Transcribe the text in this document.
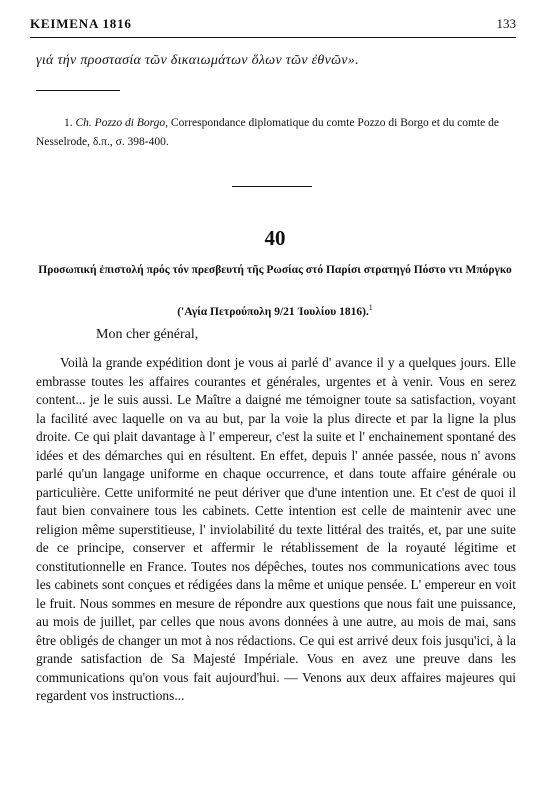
ΚΕΙΜΕΝΑ 1816	133
γιά τήν προστασία τῶν δικαιωμάτων ὅλων τῶν ἐθνῶν».
1. Ch. Pozzo di Borgo, Correspondance diplomatique du comte Pozzo di Borgo et du comte de
Nesselrode, δ.π., σ. 398-400.
40
Προσωπική ἐπιστολή πρός τόν πρεσβευτή τῆς Ρωσίας στό Παρίσι στρατηγό Πόστο ντι Μπόργκο
('Αγία Πετρούπολη 9/21 Ἰουλίου 1816).$^1$
Mon cher général,

Voilà la grande expédition dont je vous ai parlé d' avance il y a quelques jours. Elle embrasse toutes les affaires courantes et générales, urgentes et à venir. Vous en serez content... je le suis aussi. Le Maître a daigné me témoigner toute sa satisfaction, voyant la facilité avec laquelle on va au but, par la voie la plus directe et par la ligne la plus droite. Ce qui plait davantage à l' empereur, c'est la suite et l' enchainement spontané des idées et des démarches qui en résultent. En effet, depuis l' année passée, nous n' avons parlé qu'un langage uniforme en chaque occurrence, et dans toute affaire générale ou particulière. Cette uniformité ne peut dériver que d'une intention une. Et c'est de quoi il faut bien convainere tous les cabinets. Cette intention est celle de maintenir avec une religion même superstitieuse, l' inviolabilité du texte littéral des traités, et, par une suite de ce principe, conserver et affermir le rétablissement de la royauté légitime et constitutionnelle en France. Toutes nos dépêches, toutes nos communications avec tous les cabinets sont conçues et rédigées dans la même et unique pensée. L' empereur en voit le fruit. Nous sommes en mesure de répondre aux questions que nous fait une puissance, au mois de juillet, par celles que nous avons données à une autre, au mois de mai, sans être obligés de changer un mot à nos rédactions. Ce qui est arrivé deux fois jusqu'ici, à la grande satisfaction de Sa Majesté Impériale. Vous en avez une preuve dans les communications qu'on vous fait aujourd'hui. — Venons aux deux affaires majeures qui regardent vos instructions...
